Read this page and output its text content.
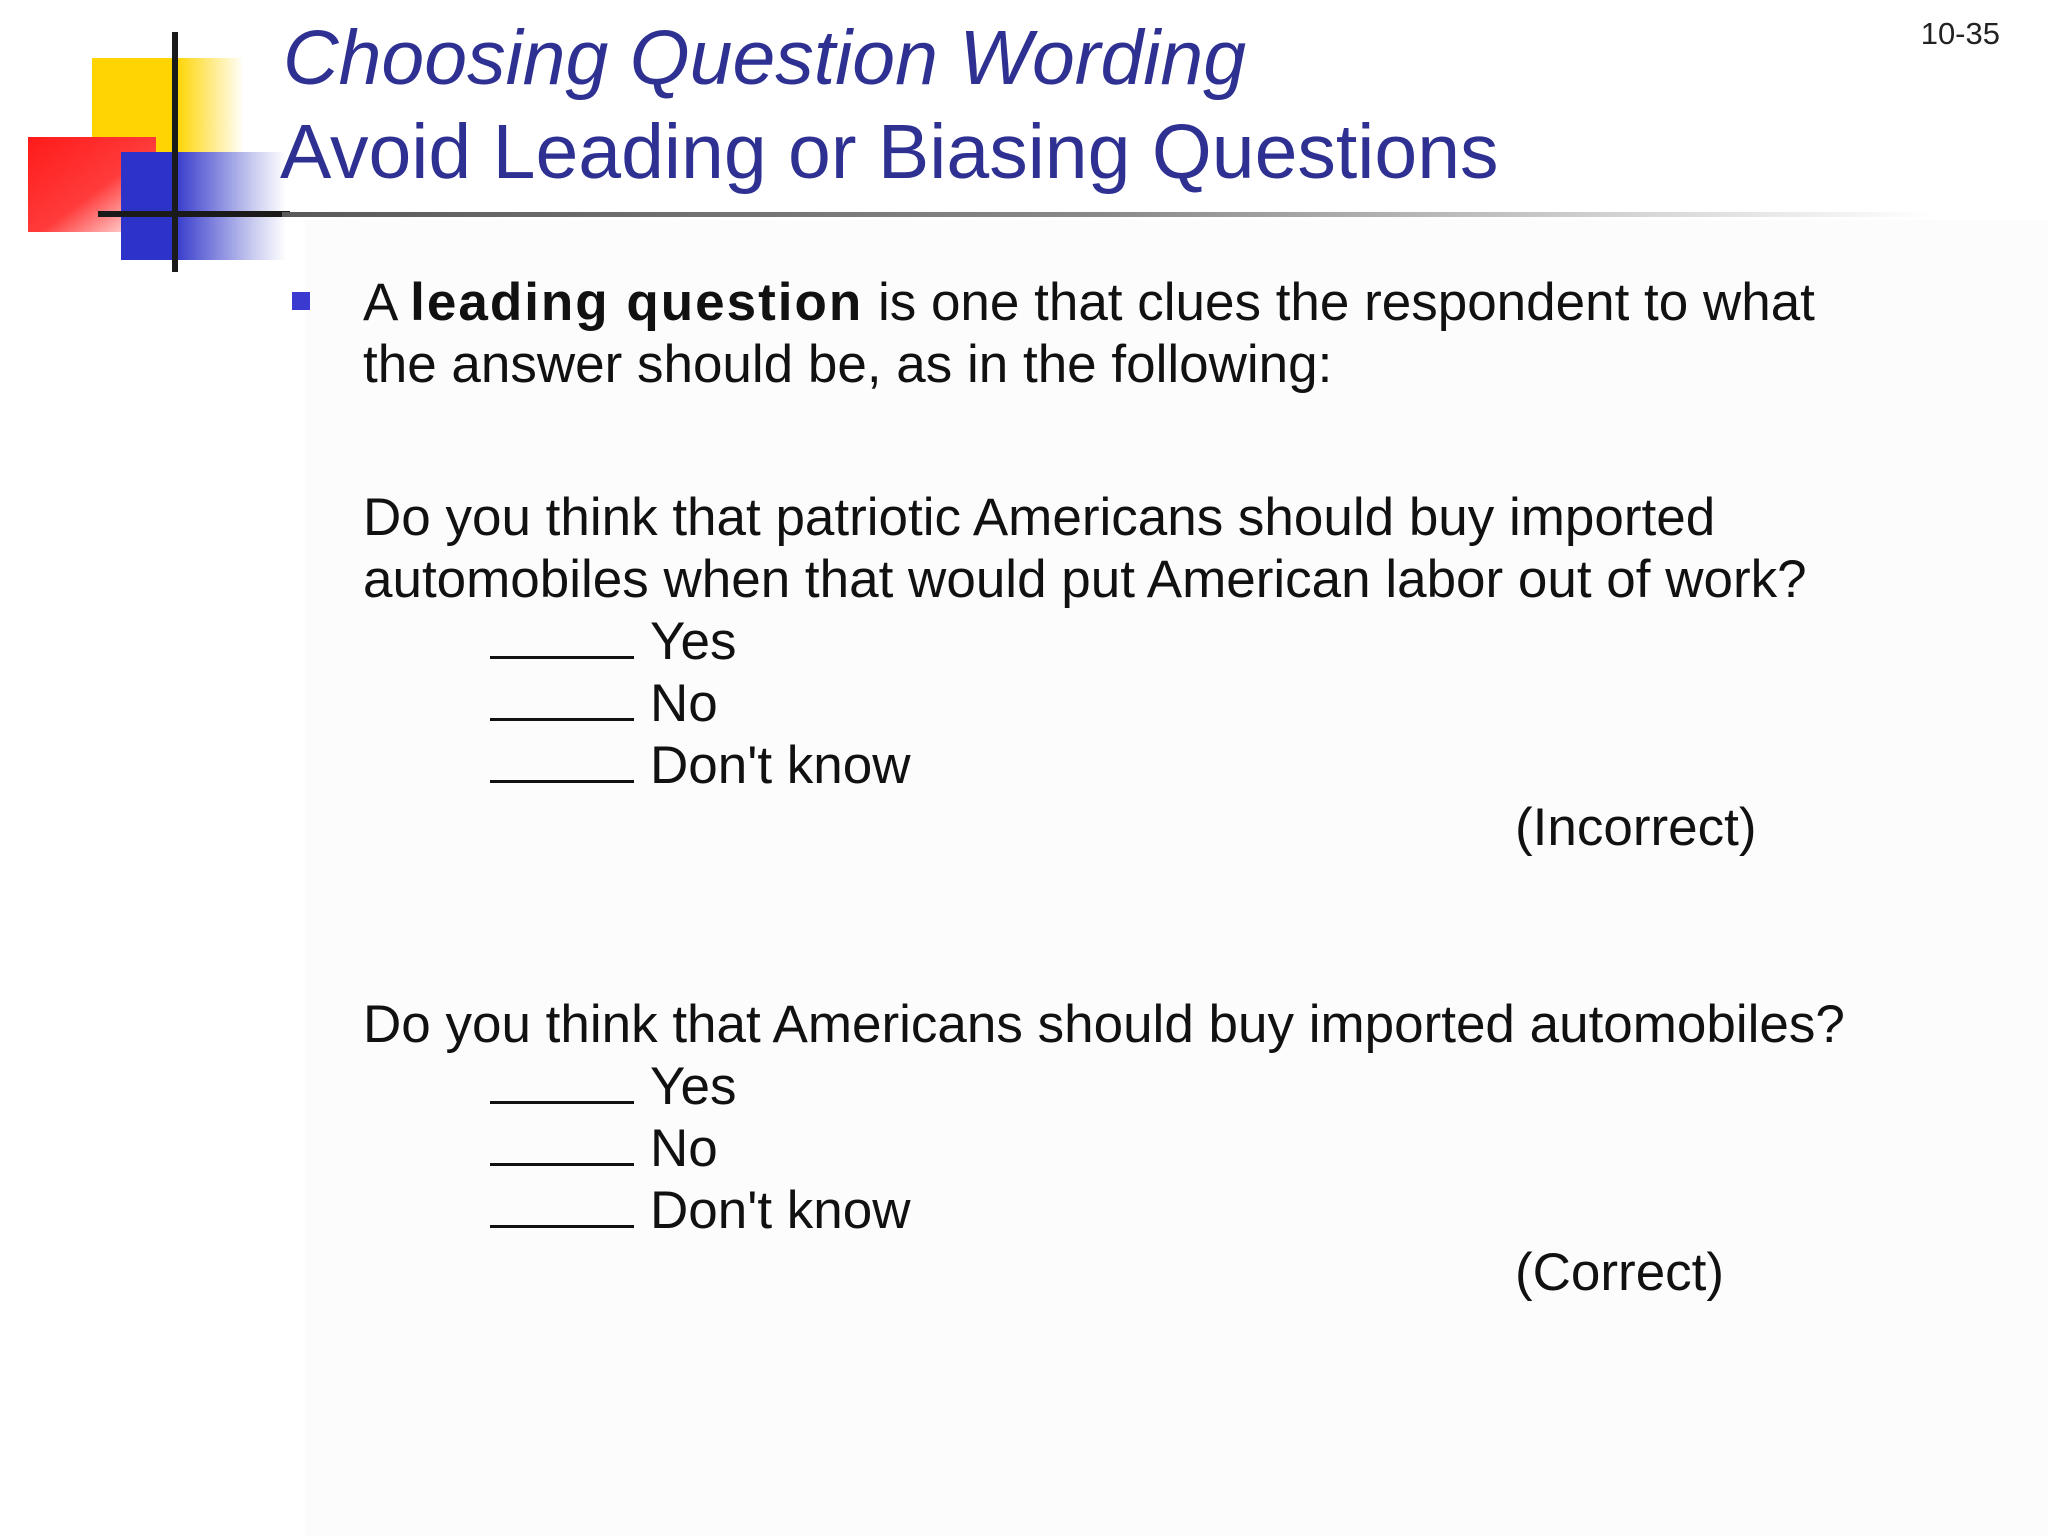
10-35
Choosing Question Wording
Avoid Leading or Biasing Questions
A leading question is one that clues the respondent to what
the answer should be, as in the following:
Do you think that patriotic Americans should buy imported
automobiles when that would put American labor out of work?
Yes
No
Don't know
(Incorrect)
Do you think that Americans should buy imported automobiles?
Yes
No
Don't know
(Correct)
